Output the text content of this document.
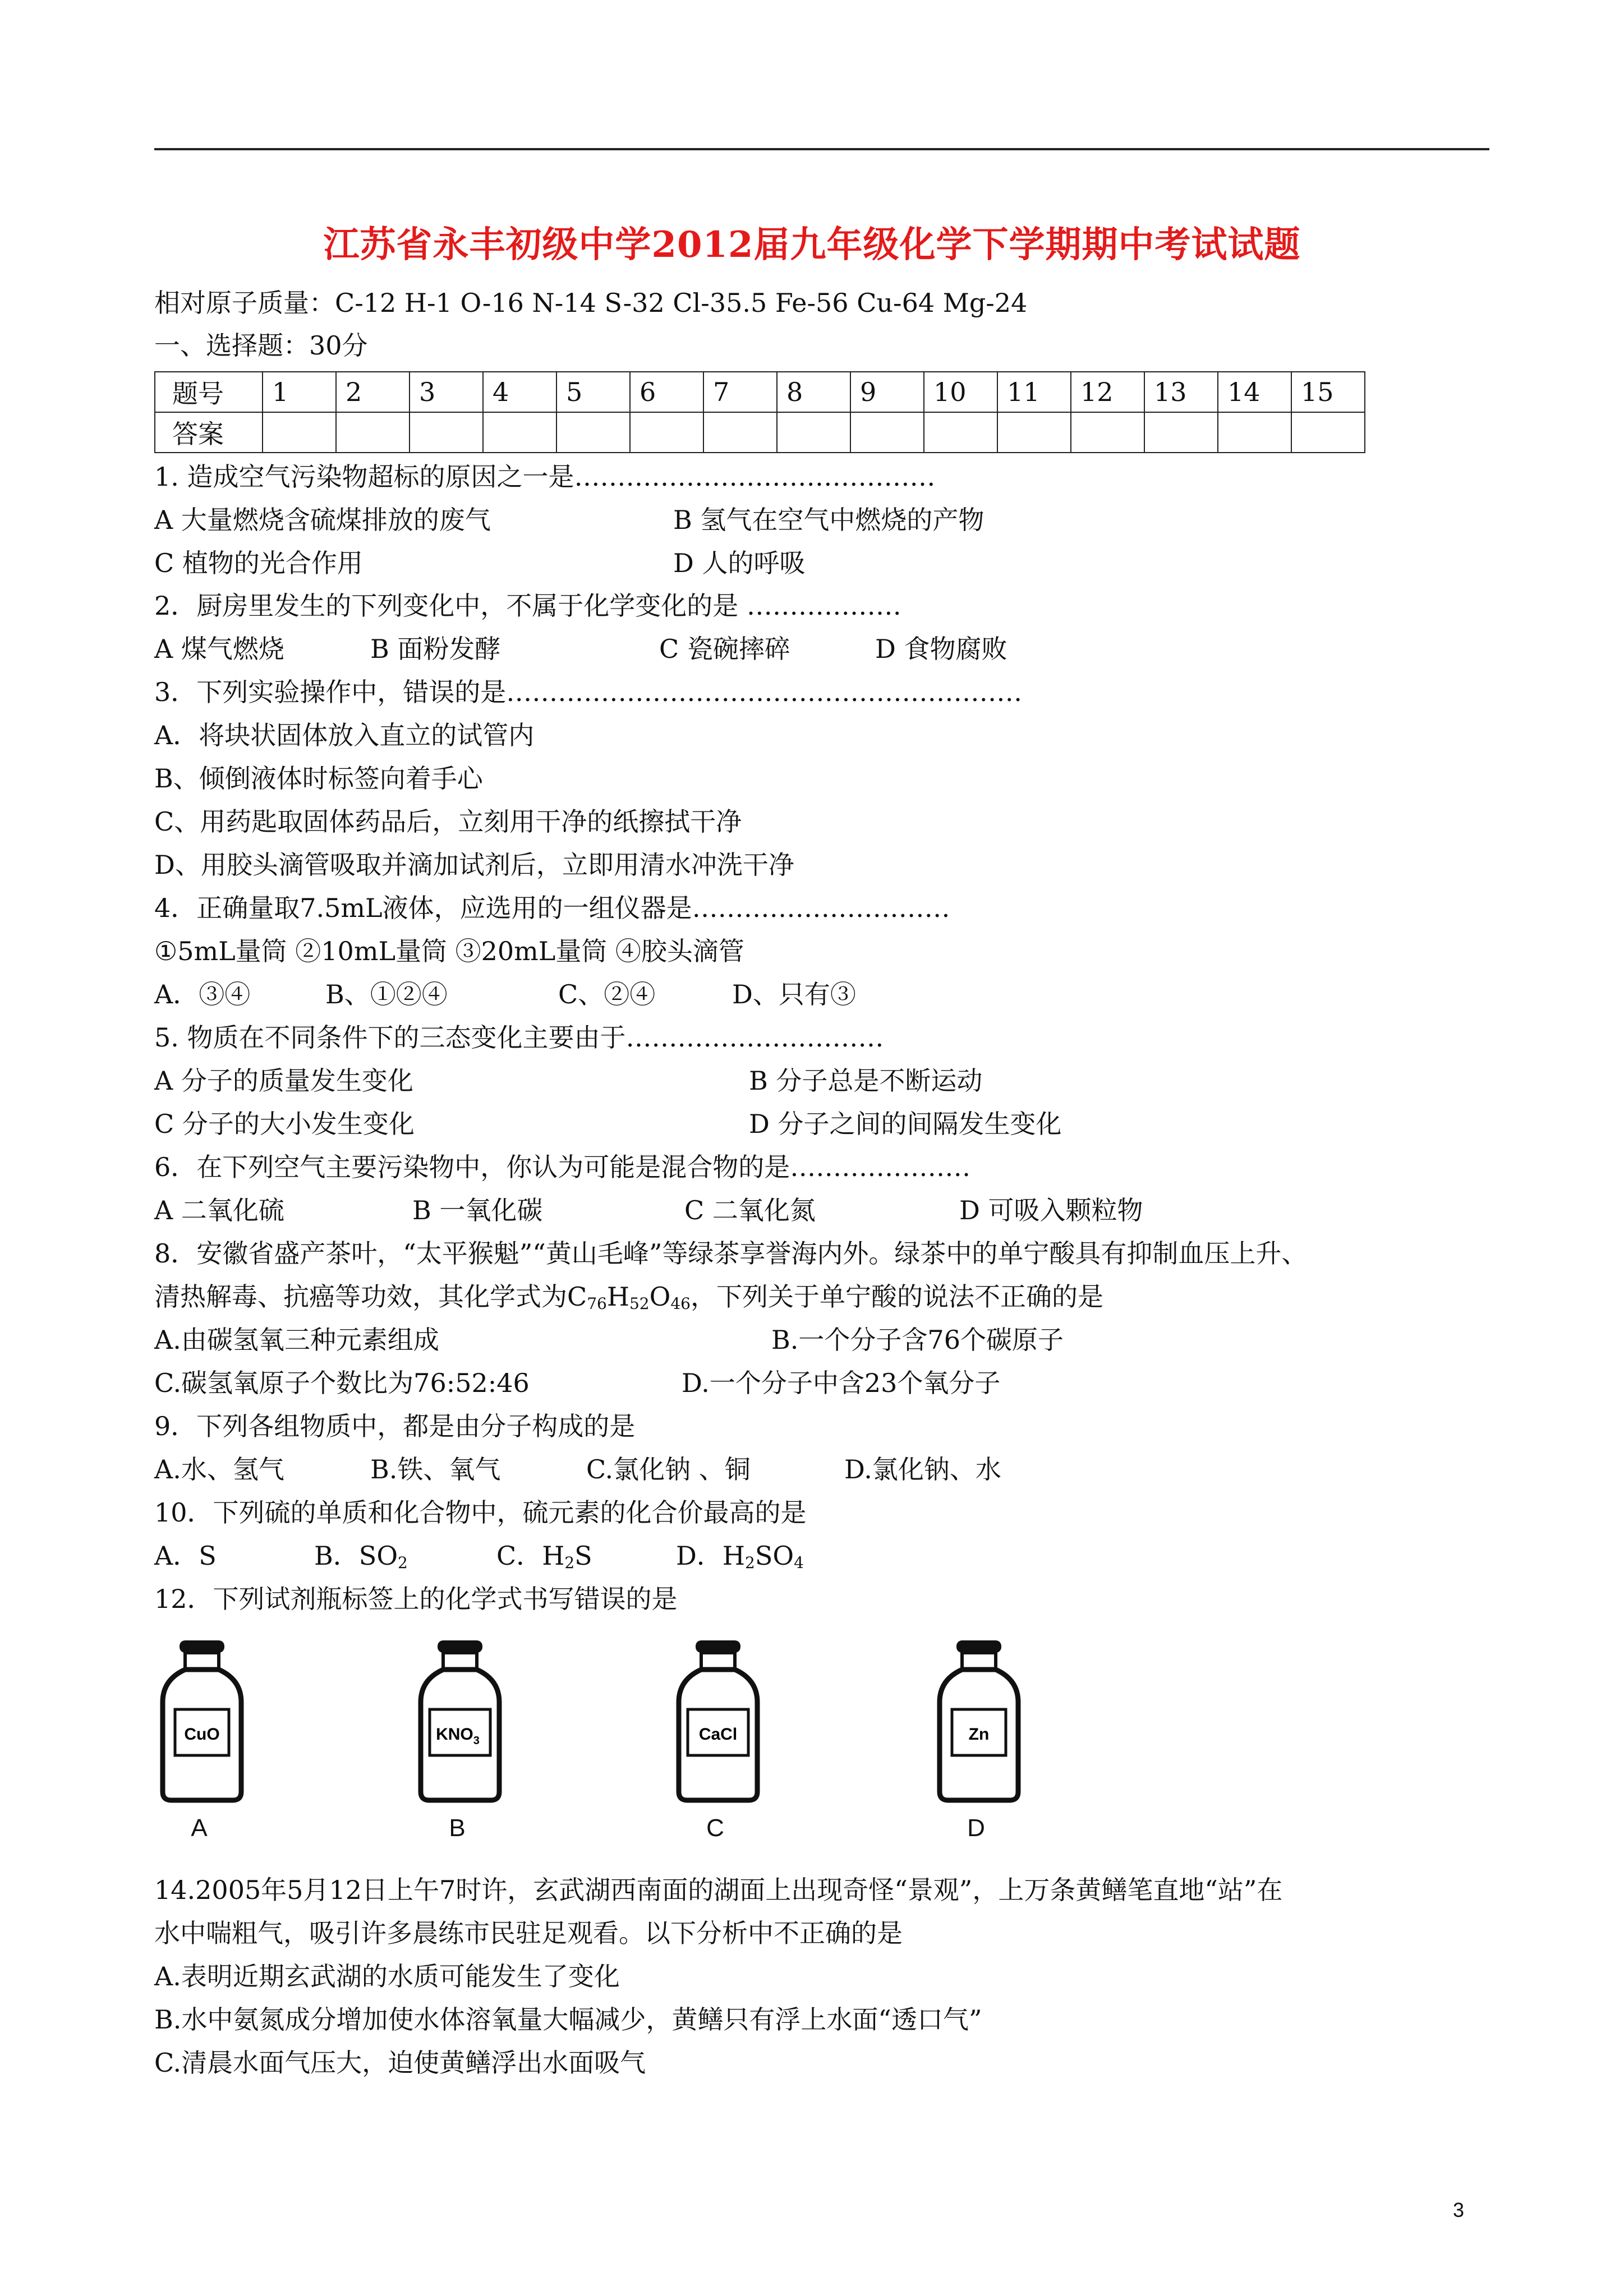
江苏省永丰初级中学2012届九年级化学下学期期中考试试题
相对原子质量：C-12 H-1 O-16 N-14 S-32 Cl-35.5 Fe-56 Cu-64 Mg-24
一、选择题：30分
题号	1	2	3	4	5	6	7	8	9	10	11	12	13	14	15
答案															
1. 造成空气污染物超标的原因之一是……………………………………
A 大量燃烧含硫煤排放的废气	B 氢气在空气中燃烧的产物
C 植物的光合作用	D 人的呼吸
2．厨房里发生的下列变化中，不属于化学变化的是 ………………
A 煤气燃烧	B 面粉发酵	C 瓷碗摔碎	D 食物腐败
3．下列实验操作中，错误的是……………………………………………………
A．将块状固体放入直立的试管内
B、倾倒液体时标签向着手心
C、用药匙取固体药品后，立刻用干净的纸擦拭干净
D、用胶头滴管吸取并滴加试剂后，立即用清水冲洗干净
4．正确量取7.5mL液体，应选用的一组仪器是…………………………
①5mL量筒 ②10mL量筒 ③20mL量筒 ④胶头滴管
A．③④	B、①②④	C、②④	D、只有③
5. 物质在不同条件下的三态变化主要由于…………………………
A 分子的质量发生变化	B 分子总是不断运动
C 分子的大小发生变化	D 分子之间的间隔发生变化
6．在下列空气主要污染物中，你认为可能是混合物的是…………………
A 二氧化硫	B 一氧化碳	C 二氧化氮	D 可吸入颗粒物
8．安徽省盛产茶叶，“太平猴魁”“黄山毛峰”等绿茶享誉海内外。绿茶中的单宁酸具有抑制血压上升、
清热解毒、抗癌等功效，其化学式为$C_{76}H_{52}O_{46}$，下列关于单宁酸的说法不正确的是
A.由碳氢氧三种元素组成	B.一个分子含76个碳原子
C.碳氢氧原子个数比为76:52:46	D.一个分子中含23个氧分子
9．下列各组物质中，都是由分子构成的是
A.水、氢气	B.铁、氧气	C.氯化钠 、铜	D.氯化钠、水
10．下列硫的单质和化合物中，硫元素的化合价最高的是
A．S	B．$SO_2$	C．$H_2S$	D．$H_2SO_4$
12．下列试剂瓶标签上的化学式书写错误的是
CuO
A
$KNO_3$
B
CaCl
C
Zn
D
14.2005年5月12日上午7时许，玄武湖西南面的湖面上出现奇怪“景观”，上万条黄鳝笔直地“站”在
水中喘粗气，吸引许多晨练市民驻足观看。以下分析中不正确的是
A.表明近期玄武湖的水质可能发生了变化
B.水中氨氮成分增加使水体溶氧量大幅减少，黄鳝只有浮上水面“透口气”
C.清晨水面气压大，迫使黄鳝浮出水面吸气
3
